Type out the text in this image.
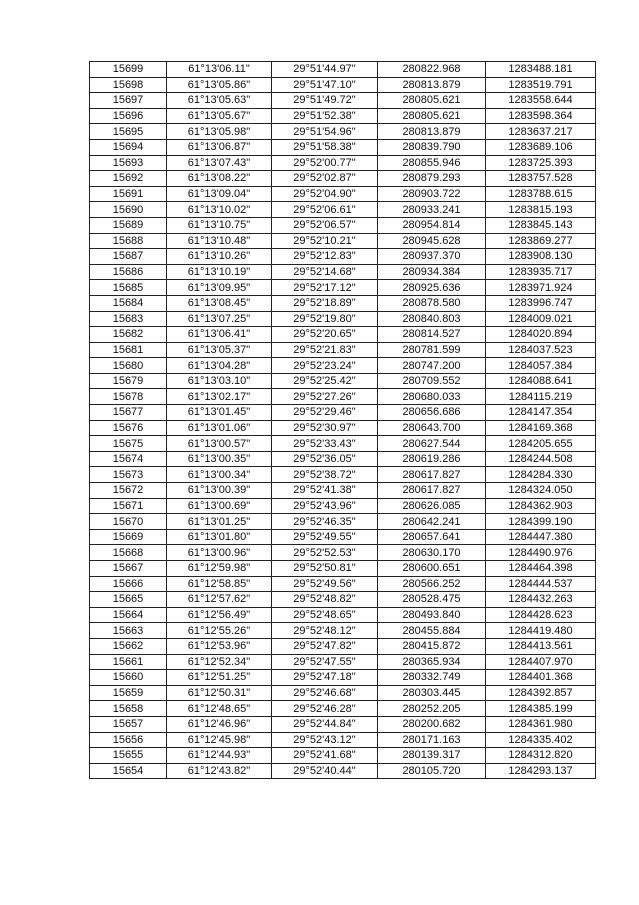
15699	61°13'06.11"	29°51'44.97"	280822.968	1283488.181
15698	61°13'05.86"	29°51'47.10"	280813.879	1283519.791
15697	61°13'05.63"	29°51'49.72"	280805.621	1283558.644
15696	61°13'05.67"	29°51'52.38"	280805.621	1283598.364
15695	61°13'05.98"	29°51'54.96"	280813.879	1283637.217
15694	61°13'06.87"	29°51'58.38"	280839.790	1283689.106
15693	61°13'07.43"	29°52'00.77"	280855.946	1283725.393
15692	61°13'08.22"	29°52'02.87"	280879.293	1283757.528
15691	61°13'09.04"	29°52'04.90"	280903.722	1283788.615
15690	61°13'10.02"	29°52'06.61"	280933.241	1283815.193
15689	61°13'10.75"	29°52'06.57"	280954.814	1283845.143
15688	61°13'10.48"	29°52'10.21"	280945.628	1283869.277
15687	61°13'10.26"	29°52'12.83"	280937.370	1283908.130
15686	61°13'10.19"	29°52'14.68"	280934.384	1283935.717
15685	61°13'09.95"	29°52'17.12"	280925.636	1283971.924
15684	61°13'08.45"	29°52'18.89"	280878.580	1283996.747
15683	61°13'07.25"	29°52'19.80"	280840.803	1284009.021
15682	61°13'06.41"	29°52'20.65"	280814.527	1284020.894
15681	61°13'05.37"	29°52'21.83"	280781.599	1284037.523
15680	61°13'04.28"	29°52'23.24"	280747.200	1284057.384
15679	61°13'03.10"	29°52'25.42"	280709.552	1284088.641
15678	61°13'02.17"	29°52'27.26"	280680.033	1284115.219
15677	61°13'01.45"	29°52'29.46"	280656.686	1284147.354
15676	61°13'01.06"	29°52'30.97"	280643.700	1284169.368
15675	61°13'00.57"	29°52'33.43"	280627.544	1284205.655
15674	61°13'00.35"	29°52'36.05"	280619.286	1284244.508
15673	61°13'00.34"	29°52'38.72"	280617.827	1284284.330
15672	61°13'00.39"	29°52'41.38"	280617.827	1284324.050
15671	61°13'00.69"	29°52'43.96"	280626.085	1284362.903
15670	61°13'01.25"	29°52'46.35"	280642.241	1284399.190
15669	61°13'01.80"	29°52'49.55"	280657.641	1284447.380
15668	61°13'00.96"	29°52'52.53"	280630.170	1284490.976
15667	61°12'59.98"	29°52'50.81"	280600.651	1284464.398
15666	61°12'58.85"	29°52'49.56"	280566.252	1284444.537
15665	61°12'57.62"	29°52'48.82"	280528.475	1284432.263
15664	61°12'56.49"	29°52'48.65"	280493.840	1284428.623
15663	61°12'55.26"	29°52'48.12"	280455.884	1284419.480
15662	61°12'53.96"	29°52'47.82"	280415.872	1284413.561
15661	61°12'52.34"	29°52'47.55"	280365.934	1284407.970
15660	61°12'51.25"	29°52'47.18"	280332.749	1284401.368
15659	61°12'50.31"	29°52'46.68"	280303.445	1284392.857
15658	61°12'48.65"	29°52'46.28"	280252.205	1284385.199
15657	61°12'46.96"	29°52'44.84"	280200.682	1284361.980
15656	61°12'45.98"	29°52'43.12"	280171.163	1284335.402
15655	61°12'44.93"	29°52'41.68"	280139.317	1284312.820
15654	61°12'43.82"	29°52'40.44"	280105.720	1284293.137
